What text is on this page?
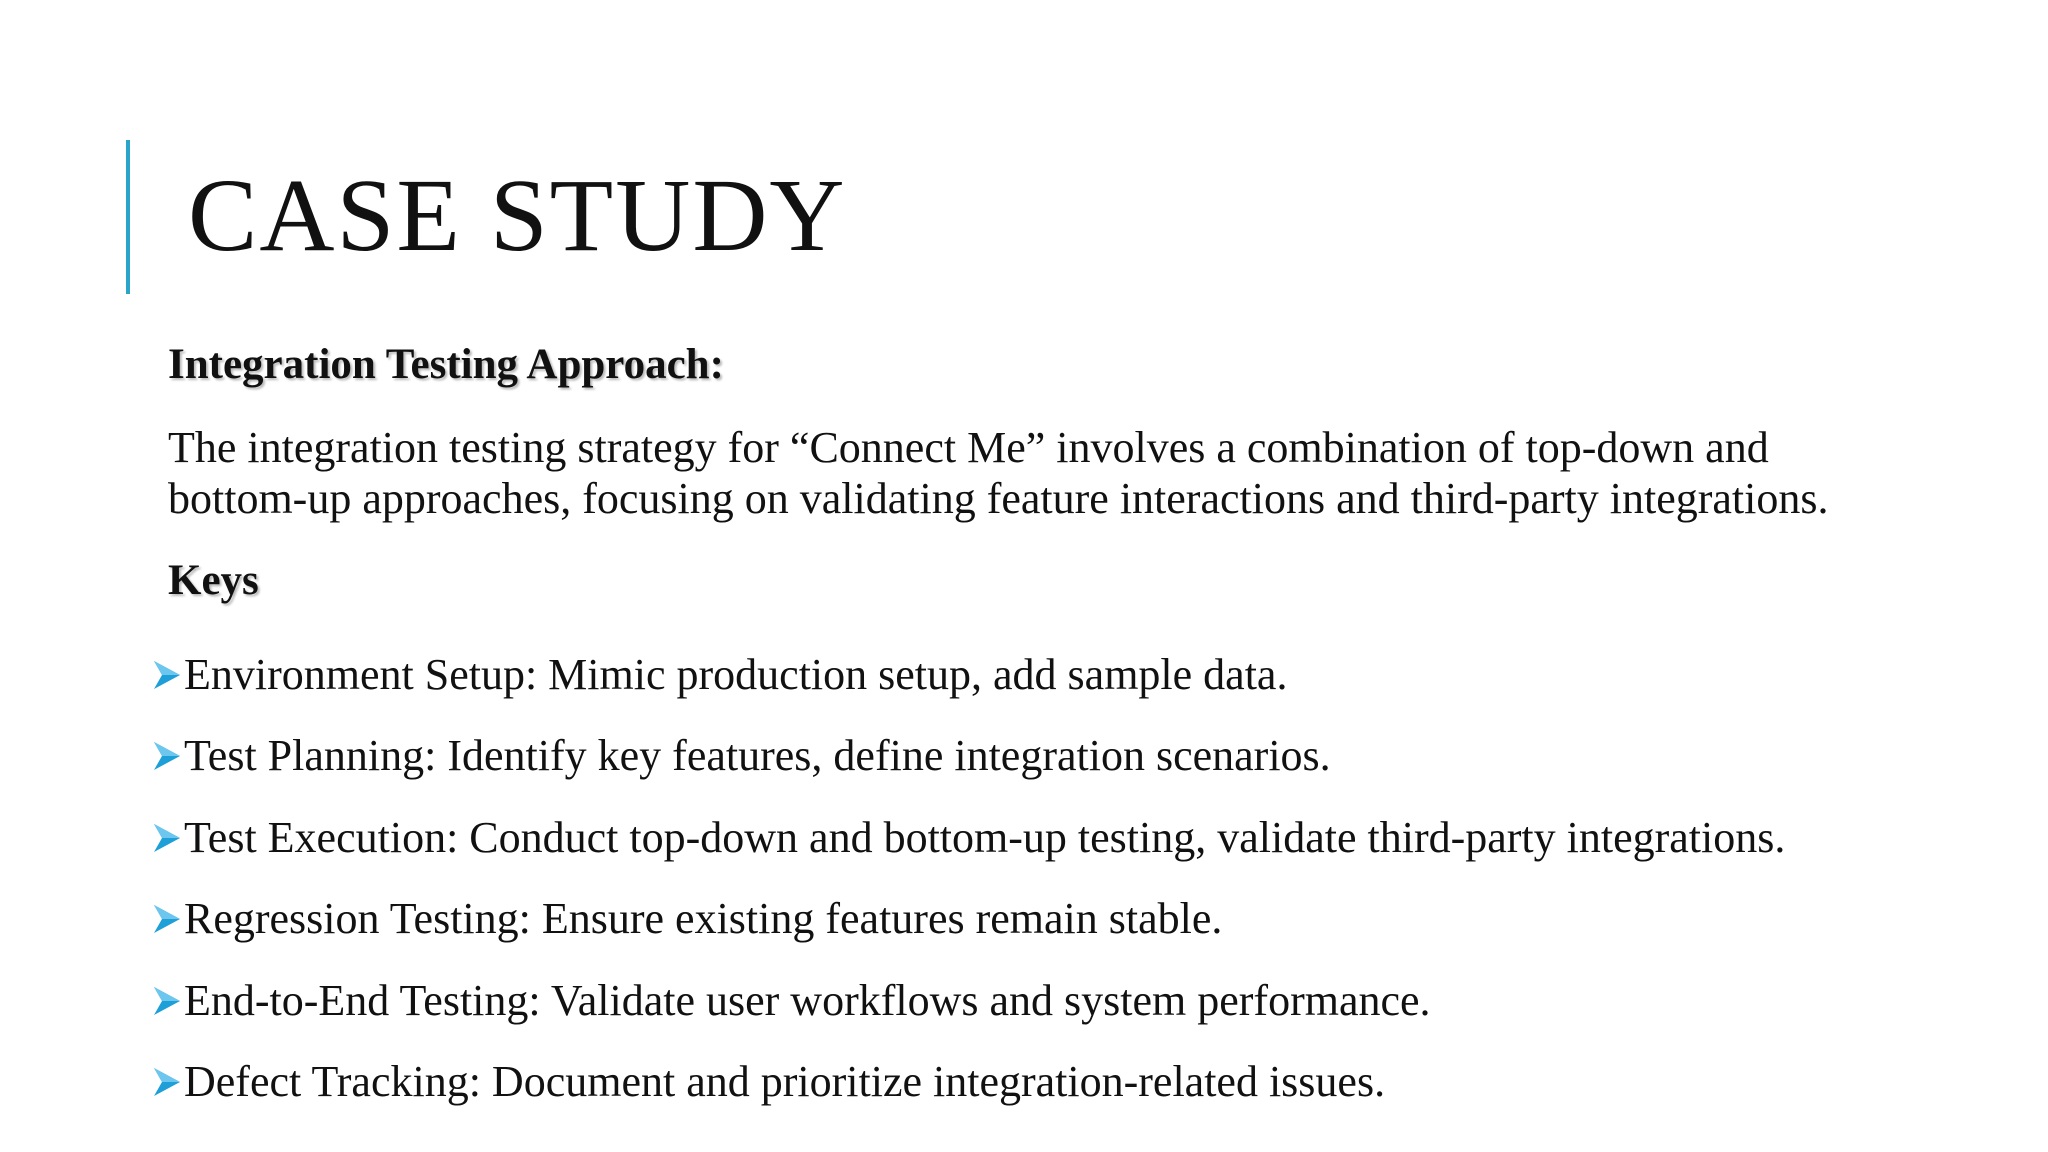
CASE STUDY
Integration Testing Approach:

The integration testing strategy for “Connect Me” involves a combination of top-down and
bottom-up approaches, focusing on validating feature interactions and third-party integrations.

Keys
Environment Setup: Mimic production setup, add sample data.
Test Planning: Identify key features, define integration scenarios.
Test Execution: Conduct top-down and bottom-up testing, validate third-party integrations.
Regression Testing: Ensure existing features remain stable.
End-to-End Testing: Validate user workflows and system performance.
Defect Tracking: Document and prioritize integration-related issues.
